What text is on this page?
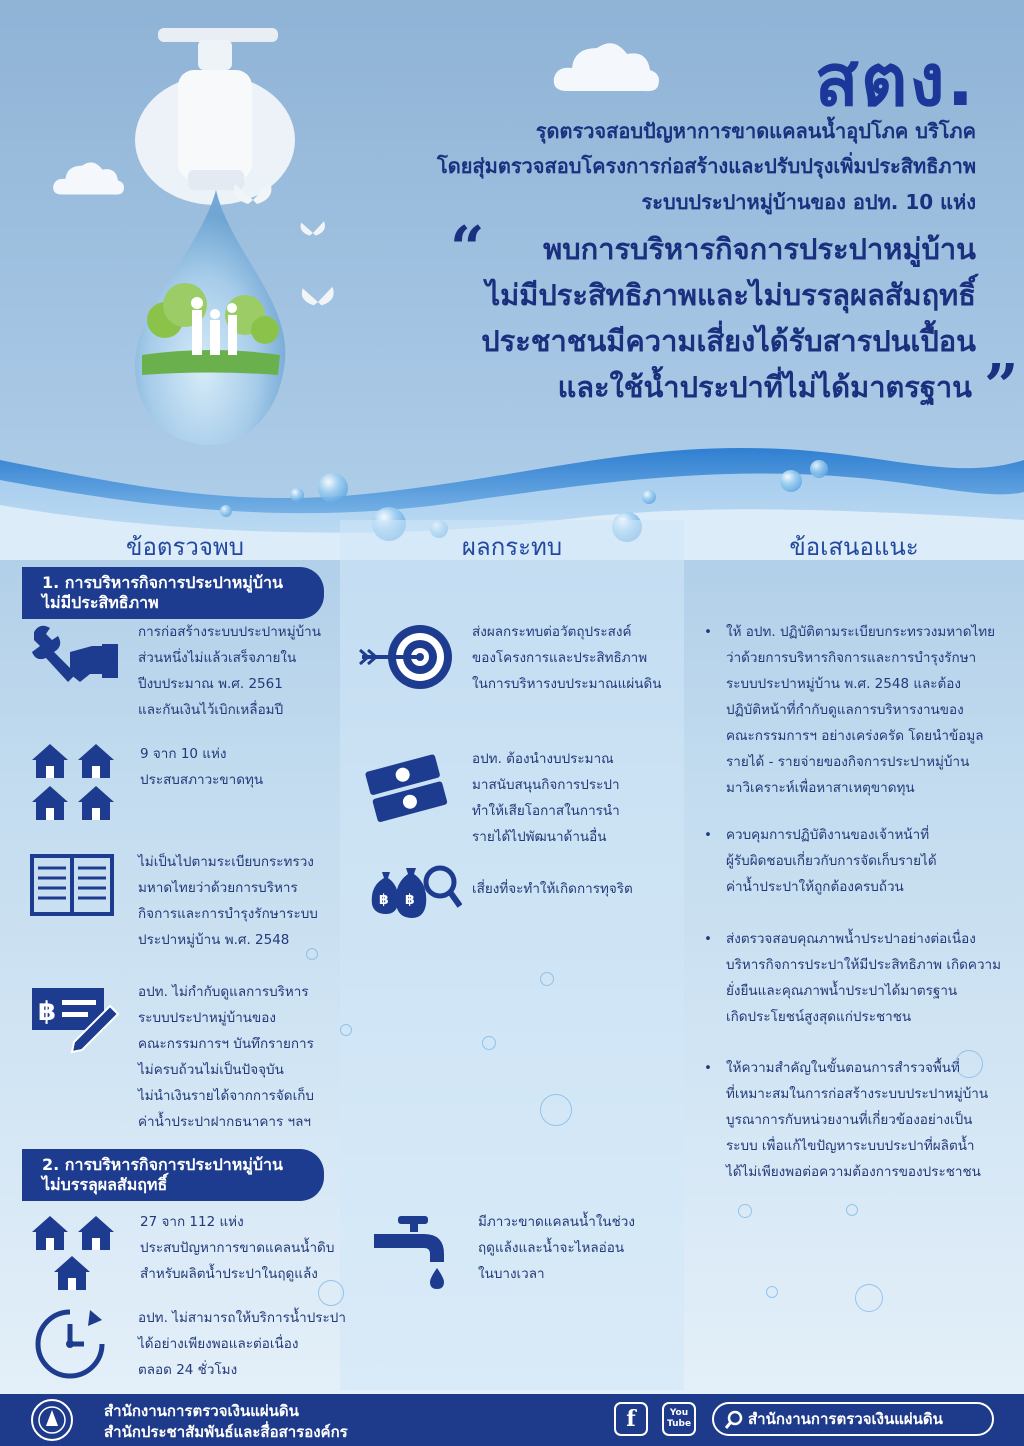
สตง.
รุดตรวจสอบปัญหาการขาดแคลนน้ำอุปโภค บริโภค
โดยสุ่มตรวจสอบโครงการก่อสร้างและปรับปรุงเพิ่มประสิทธิภาพ
ระบบประปาหมู่บ้านของ อปท. 10 แห่ง
“ พบการบริหารกิจการประปาหมู่บ้าน
ไม่มีประสิทธิภาพและไม่บรรลุผลสัมฤทธิ์
ประชาชนมีความเสี่ยงได้รับสารปนเปื้อน
และใช้น้ำประปาที่ไม่ได้มาตรฐาน ”
ข้อตรวจพบ	ผลกระทบ	ข้อเสนอแนะ
1. การบริหารกิจการประปาหมู่บ้าน
ไม่มีประสิทธิภาพ
การก่อสร้างระบบประปาหมู่บ้าน
ส่วนหนึ่งไม่แล้วเสร็จภายใน
ปีงบประมาณ พ.ศ. 2561
และกันเงินไว้เบิกเหลื่อมปี
9 จาก 10 แห่ง
ประสบสภาวะขาดทุน
ไม่เป็นไปตามระเบียบกระทรวง
มหาดไทยว่าด้วยการบริหาร
กิจการและการบำรุงรักษาระบบ
ประปาหมู่บ้าน พ.ศ. 2548
฿
อปท. ไม่กำกับดูแลการบริหาร
ระบบประปาหมู่บ้านของ
คณะกรรมการฯ บันทึกรายการ
ไม่ครบถ้วนไม่เป็นปัจจุบัน
ไม่นำเงินรายได้จากการจัดเก็บ
ค่าน้ำประปาฝากธนาคาร ฯลฯ
2. การบริหารกิจการประปาหมู่บ้าน
ไม่บรรลุผลสัมฤทธิ์
27 จาก 112 แห่ง
ประสบปัญหาการขาดแคลนน้ำดิบ
สำหรับผลิตน้ำประปาในฤดูแล้ง
อปท. ไม่สามารถให้บริการน้ำประปา
ได้อย่างเพียงพอและต่อเนื่อง
ตลอด 24 ชั่วโมง
ส่งผลกระทบต่อวัตถุประสงค์
ของโครงการและประสิทธิภาพ
ในการบริหารงบประมาณแผ่นดิน
อปท. ต้องนำงบประมาณ
มาสนับสนุนกิจการประปา
ทำให้เสียโอกาสในการนำ
รายได้ไปพัฒนาด้านอื่น
฿ ฿
เสี่ยงที่จะทำให้เกิดการทุจริต
มีภาวะขาดแคลนน้ำในช่วง
ฤดูแล้งและน้ำจะไหลอ่อน
ในบางเวลา
• ให้ อปท. ปฏิบัติตามระเบียบกระทรวงมหาดไทย
ว่าด้วยการบริหารกิจการและการบำรุงรักษา
ระบบประปาหมู่บ้าน พ.ศ. 2548 และต้อง
ปฏิบัติหน้าที่กำกับดูแลการบริหารงานของ
คณะกรรมการฯ อย่างเคร่งครัด โดยนำข้อมูล
รายได้ - รายจ่ายของกิจการประปาหมู่บ้าน
มาวิเคราะห์เพื่อหาสาเหตุขาดทุน
• ควบคุมการปฏิบัติงานของเจ้าหน้าที่
ผู้รับผิดชอบเกี่ยวกับการจัดเก็บรายได้
ค่าน้ำประปาให้ถูกต้องครบถ้วน
• ส่งตรวจสอบคุณภาพน้ำประปาอย่างต่อเนื่อง
บริหารกิจการประปาให้มีประสิทธิภาพ เกิดความ
ยั่งยืนและคุณภาพน้ำประปาได้มาตรฐาน
เกิดประโยชน์สูงสุดแก่ประชาชน
• ให้ความสำคัญในขั้นตอนการสำรวจพื้นที่
ที่เหมาะสมในการก่อสร้างระบบประปาหมู่บ้าน
บูรณาการกับหน่วยงานที่เกี่ยวข้องอย่างเป็น
ระบบ เพื่อแก้ไขปัญหาระบบประปาที่ผลิตน้ำ
ได้ไม่เพียงพอต่อความต้องการของประชาชน
สำนักงานการตรวจเงินแผ่นดิน
สำนักประชาสัมพันธ์และสื่อสารองค์กร	f	You
Tube	สำนักงานการตรวจเงินแผ่นดิน
